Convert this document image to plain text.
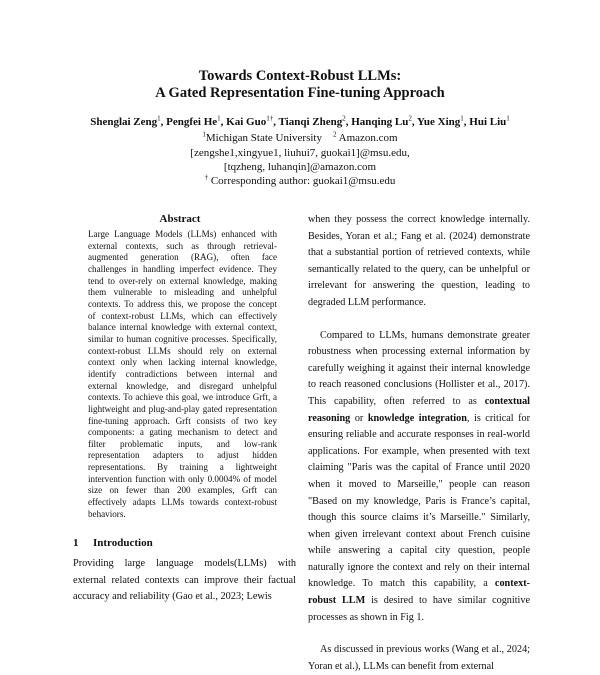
Towards Context-Robust LLMs:
A Gated Representation Fine-tuning Approach
Shenglai Zeng$^1$, Pengfei He$^1$, Kai Guo$^{1\dagger}$, Tianqi Zheng$^2$, Hanqing Lu$^2$, Yue Xing$^1$, Hui Liu$^1$
$^1$Michigan State University $^2$ Amazon.com
[zengshe1,xingyue1, liuhui7, guokai1]@msu.edu,
[tqzheng, luhanqin]@amazon.com
† Corresponding author: guokai1@msu.edu
Abstract
Large Language Models (LLMs) enhanced with external contexts, such as through retrieval-augmented generation (RAG), often face challenges in handling imperfect evidence. They tend to over-rely on external knowledge, making them vulnerable to misleading and unhelpful contexts. To address this, we propose the concept of context-robust LLMs, which can effectively balance internal knowledge with external context, similar to human cognitive processes. Specifically, context-robust LLMs should rely on external context only when lacking internal knowledge, identify contradictions between internal and external knowledge, and disregard unhelpful contexts. To achieve this goal, we introduce Grft, a lightweight and plug-and-play gated representation fine-tuning approach. Grft consists of two key components: a gating mechanism to detect and filter problematic inputs, and low-rank representation adapters to adjust hidden representations. By training a lightweight intervention function with only 0.0004% of model size on fewer than 200 examples, Grft can effectively adapts LLMs towards context-robust behaviors.
1 Introduction
Providing large language models(LLMs) with external related contexts can improve their factual accuracy and reliability (Gao et al., 2023; Lewis

when they possess the correct knowledge internally. Besides, Yoran et al.; Fang et al. (2024) demonstrate that a substantial portion of retrieved contexts, while semantically related to the query, can be unhelpful or irrelevant for answering the question, leading to degraded LLM performance.

Compared to LLMs, humans demonstrate greater robustness when processing external information by carefully weighing it against their internal knowledge to reach reasoned conclusions (Hollister et al., 2017). This capability, often referred to as contextual reasoning or knowledge integration, is critical for ensuring reliable and accurate responses in real-world applications. For example, when presented with text claiming "Paris was the capital of France until 2020 when it moved to Marseille," people can reason "Based on my knowledge, Paris is France’s capital, though this source claims it’s Marseille." Similarly, when given irrelevant context about French cuisine while answering a capital city question, people naturally ignore the context and rely on their internal knowledge. To match this capability, a context-robust LLM is desired to have similar cognitive processes as shown in Fig 1.

As discussed in previous works (Wang et al., 2024; Yoran et al.), LLMs can benefit from external
